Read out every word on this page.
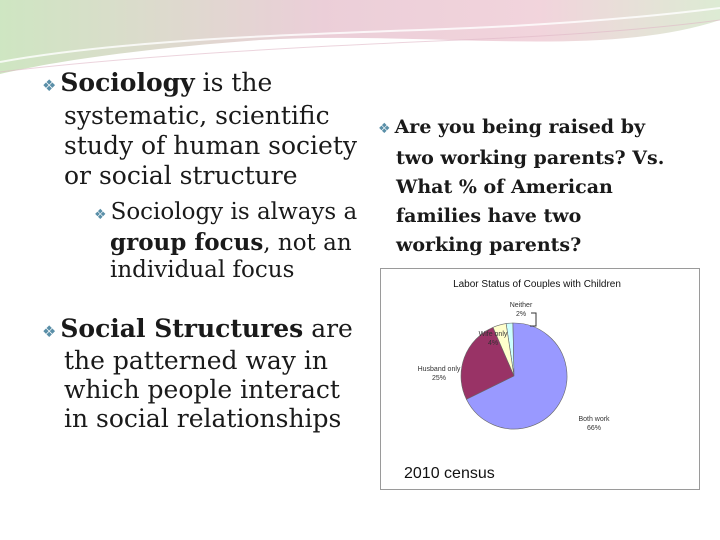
❖ Sociology is the
systematic, scientific
study of human society
or social structure

❖ Sociology is always a
group focus, not an
individual focus

❖ Social Structures are
the patterned way in
which people interact
in social relationships

❖ Are you being raised by
two working parents? Vs.
What % of American
families have two
working parents?
Labor Status of Couples with Children
Neither
2%
Wife only
4%
Husband only
25%
Both work
66%
2010 census
